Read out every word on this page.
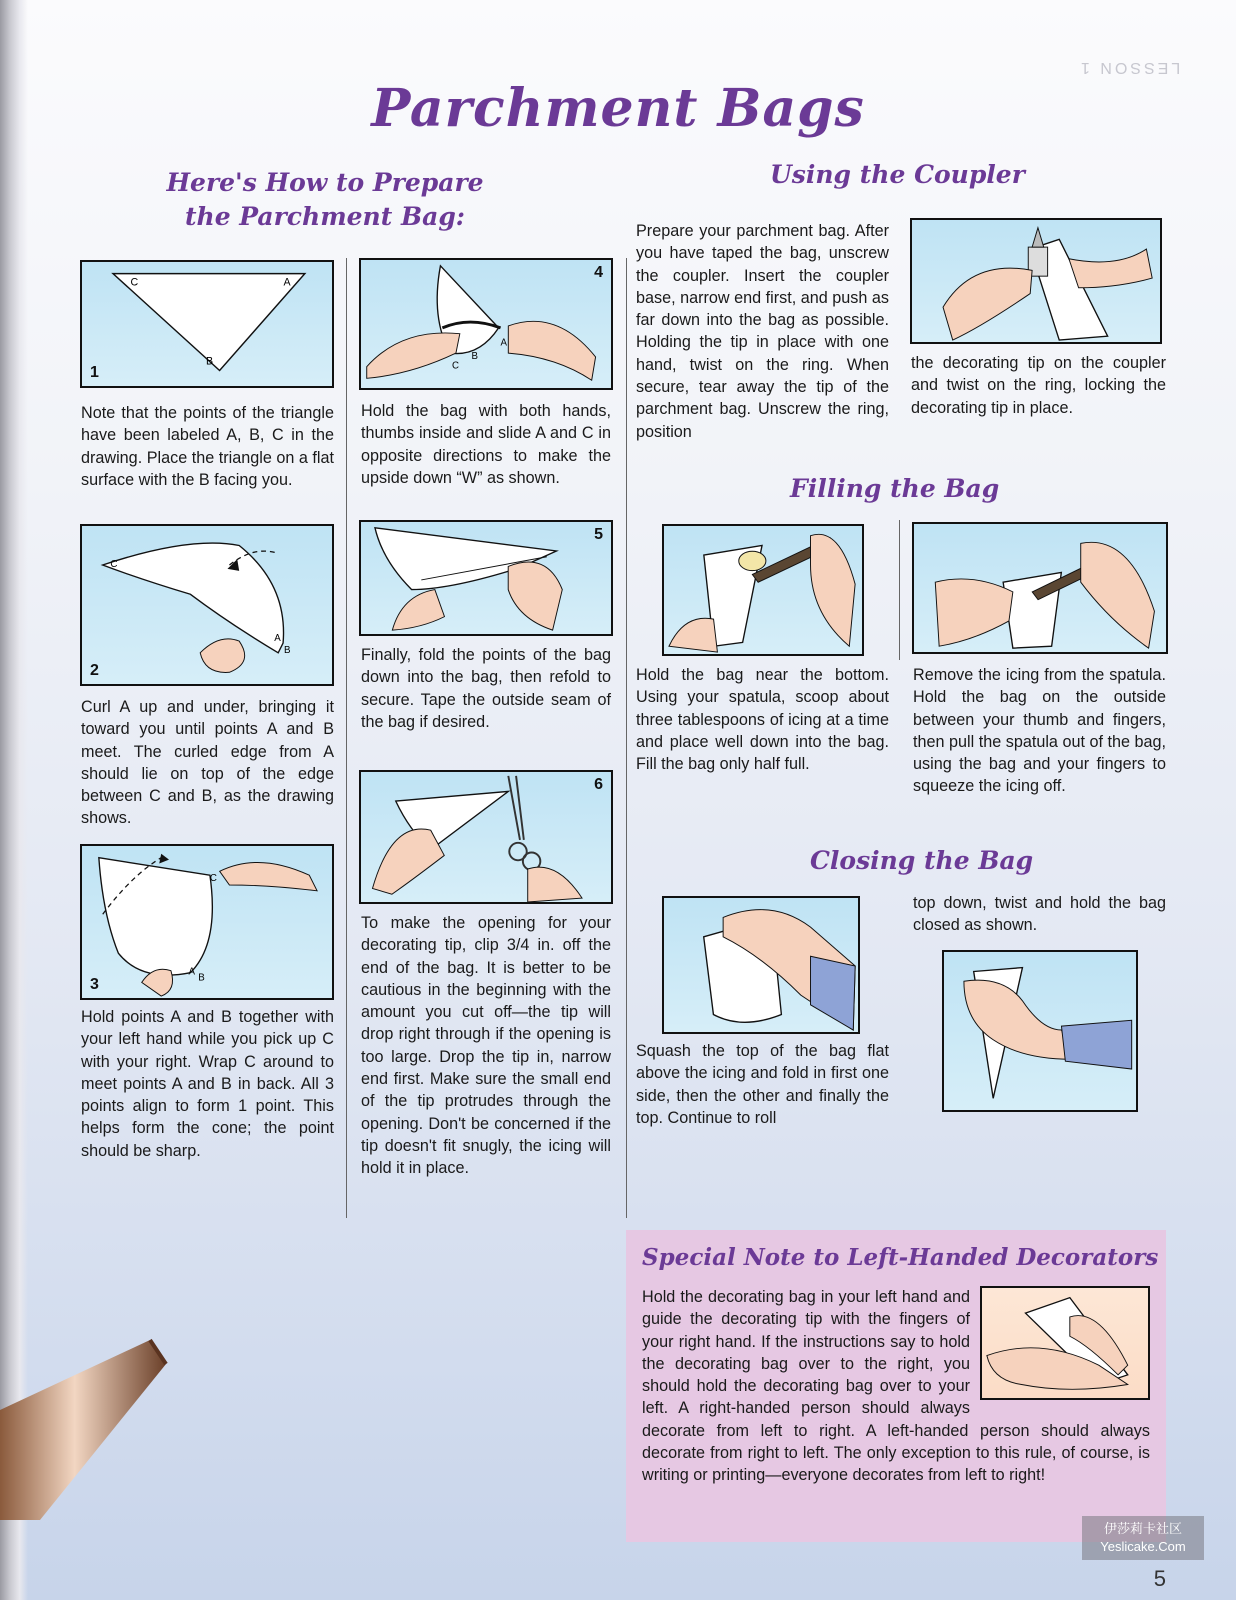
LESSON 1
Parchment Bags
Here's How to Prepare
the Parchment Bag:
C	A
B
1
Note that the points of the triangle have been labeled A, B, C in the drawing. Place the triangle on a flat surface with the B facing you.
C
A
B
2
Curl A up and under, bringing it toward you until points A and B meet. The curled edge from A should lie on top of the edge between C and B, as the drawing shows.
C
A
B
3
Hold points A and B together with your left hand while you pick up C with your right. Wrap C around to meet points A and B in back. All 3 points align to form 1 point. This helps form the cone; the point should be sharp.
C
B
A
4
Hold the bag with both hands, thumbs inside and slide A and C in opposite directions to make the upside down “W” as shown.
5
Finally, fold the points of the bag down into the bag, then refold to secure. Tape the outside seam of the bag if desired.
6
To make the opening for your decorating tip, clip 3/4 in. off the end of the bag. It is better to be cautious in the beginning with the amount you cut off—the tip will drop right through if the opening is too large. Drop the tip in, narrow end first. Make sure the small end of the tip protrudes through the opening. Don't be concerned if the tip doesn't fit snugly, the icing will hold it in place.
Using the Coupler
Prepare your parchment bag. After you have taped the bag, unscrew the coupler. Insert the coupler base, narrow end first, and push as far down into the bag as possible. Holding the tip in place with one hand, twist on the ring. When secure, tear away the tip of the parchment bag. Unscrew the ring, position
the decorating tip on the coupler and twist on the ring, locking the decorating tip in place.
Filling the Bag
Hold the bag near the bottom. Using your spatula, scoop about three tablespoons of icing at a time and place well down into the bag. Fill the bag only half full.
Remove the icing from the spatula. Hold the bag on the outside between your thumb and fingers, then pull the spatula out of the bag, using the bag and your fingers to squeeze the icing off.
Closing the Bag
Squash the top of the bag flat above the icing and fold in first one side, then the other and finally the top. Continue to roll
top down, twist and hold the bag closed as shown.
Special Note to Left-Handed Decorators
Hold the decorating bag in your left hand and guide the decorating tip with the fingers of your right hand. If the instructions say to hold the decorating bag over to the right, you should hold the decorating bag over to your left. A right-handed person should always decorate from left to right. A left-handed person should always decorate from right to left. The only exception to this rule, of course, is writing or printing—everyone decorates from left to right!
伊莎莉卡社区
Yeslicake.Com
5
